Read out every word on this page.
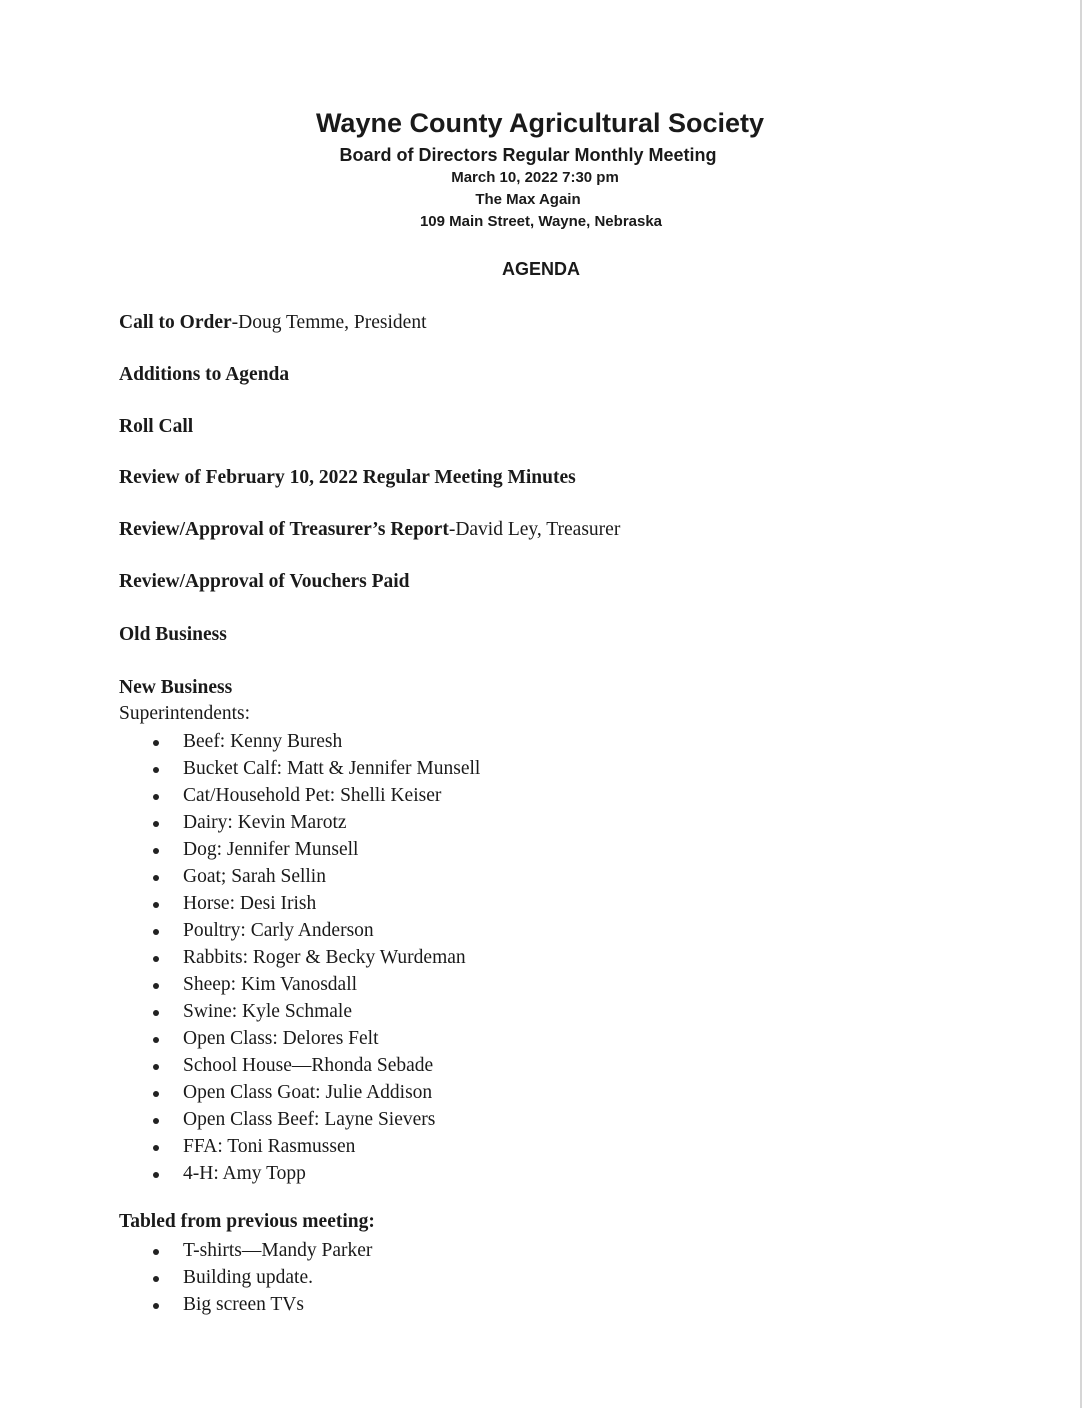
Wayne County Agricultural Society
Board of Directors Regular Monthly Meeting
March 10, 2022 7:30 pm
The Max Again
109 Main Street, Wayne, Nebraska
AGENDA
Call to Order-Doug Temme, President
Additions to Agenda
Roll Call
Review of February 10, 2022 Regular Meeting Minutes
Review/Approval of Treasurer’s Report-David Ley, Treasurer
Review/Approval of Vouchers Paid
Old Business
New Business
Superintendents:
Beef: Kenny Buresh
Bucket Calf: Matt & Jennifer Munsell
Cat/Household Pet: Shelli Keiser
Dairy: Kevin Marotz
Dog: Jennifer Munsell
Goat; Sarah Sellin
Horse: Desi Irish
Poultry: Carly Anderson
Rabbits: Roger & Becky Wurdeman
Sheep: Kim Vanosdall
Swine: Kyle Schmale
Open Class: Delores Felt
School House—Rhonda Sebade
Open Class Goat: Julie Addison
Open Class Beef: Layne Sievers
FFA: Toni Rasmussen
4-H: Amy Topp
Tabled from previous meeting:
T-shirts—Mandy Parker
Building update.
Big screen TVs
